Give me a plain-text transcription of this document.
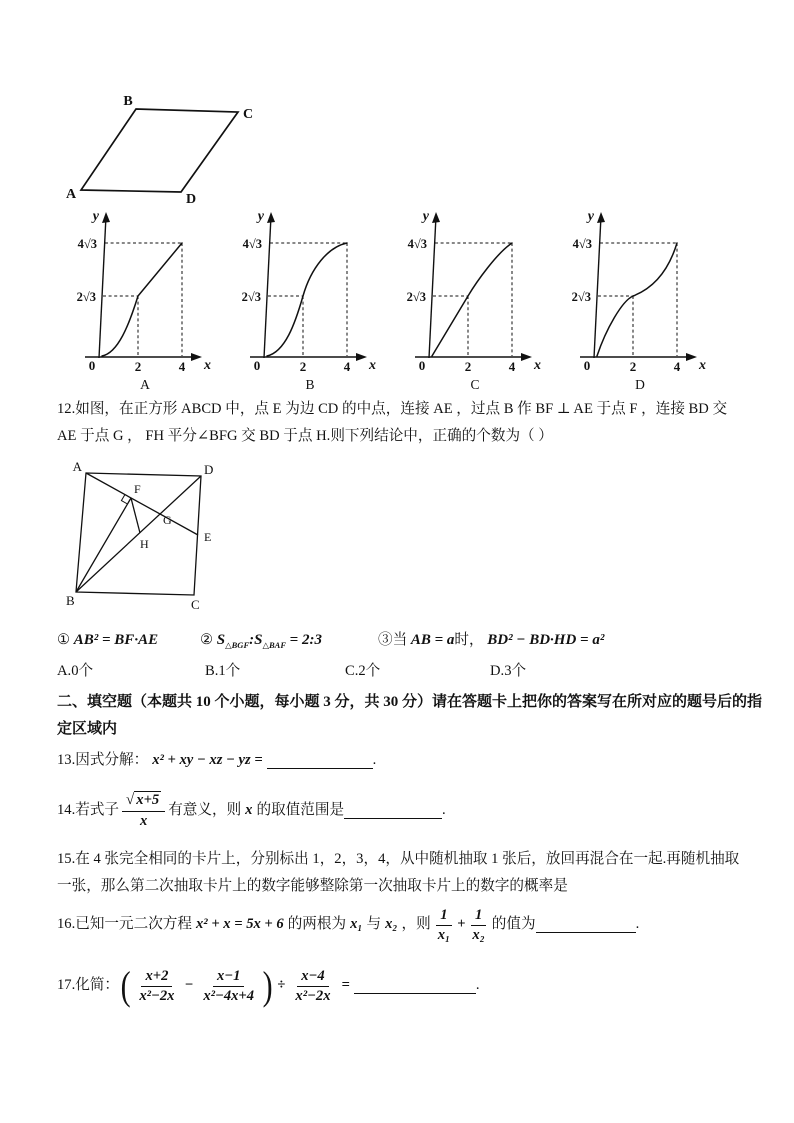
B
C
A	D
y
x
4√3
2√3
0	2	4
y
x
4√3
2√3
0	2	4
y
x
4√3
2√3
0	2	4
y
x
4√3
2√3
0	2	4
A	B	C	D
12.如图，在正方形 ABCD 中，点 E 为边 CD 的中点，连接 AE ，过点 B 作 BF ⊥ AE 于点 F ，连接 BD 交
AE 于点 G ， FH 平分∠BFG 交 BD 于点 H.则下列结论中，正确的个数为（ ）
A	D
B	C
E
F
G
H
① AB² = BF·AE	② $S_{\triangle BGF}:S_{\triangle BAF}$ = 2:3	③当 AB = a时， BD² − BD·HD = a²
A.0个	B.1个	C.2个	D.3个
二、填空题（本题共 10 个小题，每小题 3 分，共 30 分）请在答题卡上把你的答案写在所对应的题号后的指
定区域内
13.因式分解： x² + xy − xz − yz =	.
14.若式子 $\frac{√ x+5}{x}$ 有意义，则 x 的取值范围是	.
15.在 4 张完全相同的卡片上，分别标出 1，2，3，4，从中随机抽取 1 张后，放回再混合在一起.再随机抽取
一张，那么第二次抽取卡片上的数字能够整除第一次抽取卡片上的数字的概率是
16.已知一元二次方程 x² + x = 5x + 6 的两根为 x₁ 与 x₂ ，则 $\frac{1}{\text{x₁}} + \frac{1}{\text{x₂}}$ 的值为	.
17.化简： ( $\frac{x+2}{\text{x²−2x}} - \frac{x-1}{\text{x²−4x+4}}$ ) ÷ $\frac{x-4}{\text{x²−2x}}$ =	.
